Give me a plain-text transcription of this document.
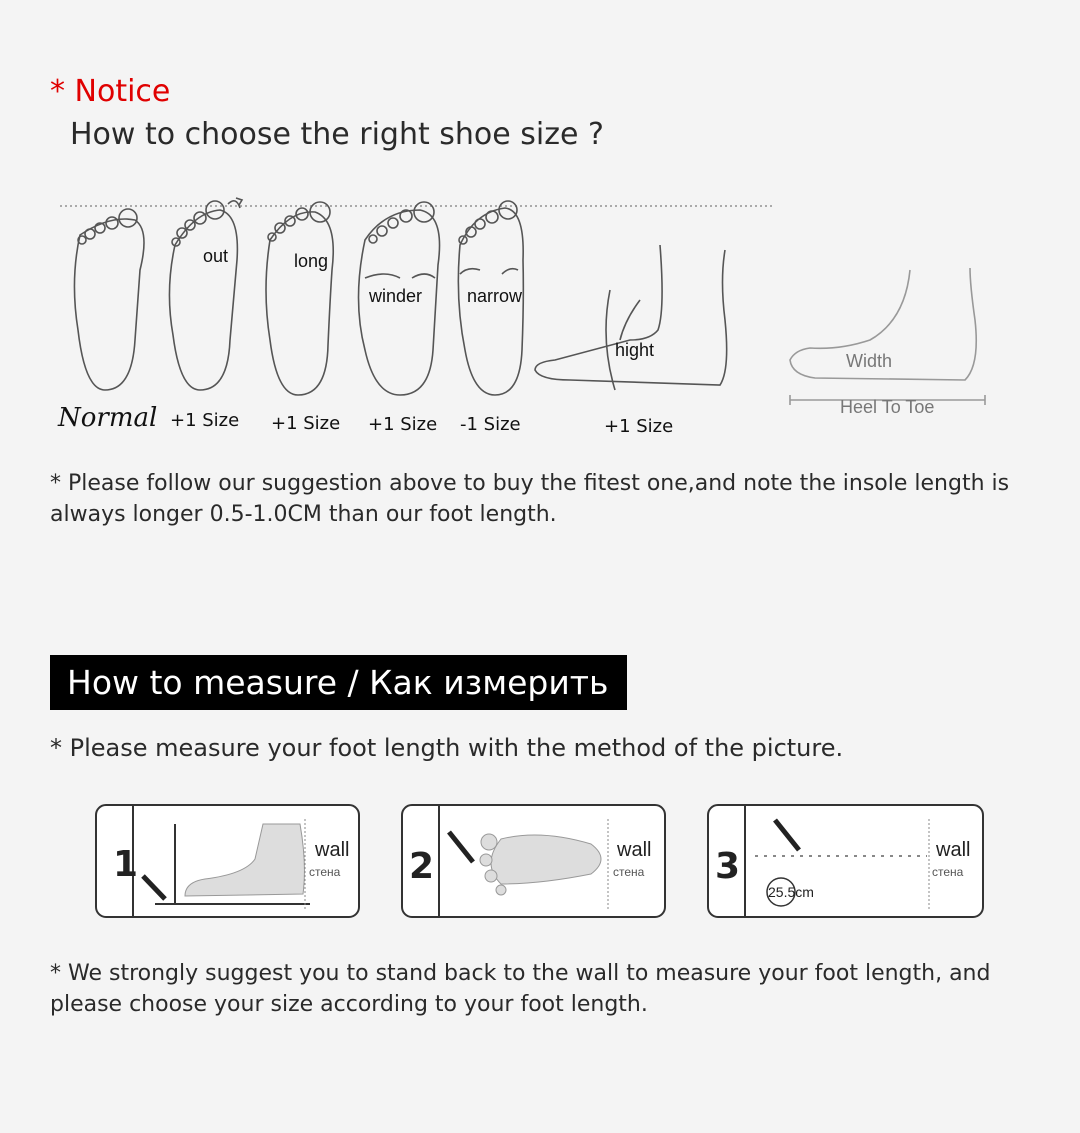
* Notice
How to choose the right shoe size ?
out	long
winder narrow
hight
Normal +1 Size +1 Size +1 Size -1 Size	+1 Size
Width
Heel To Toe
* Please follow our suggestion above to buy the fitest one,and note the insole length is always longer 0.5-1.0CM than our foot length.
How to measure / Как измерить
* Please measure your foot length with the method of the picture.
1	wall
стена 2	wall
стена 3
25.5cm
wall
стена
* We strongly suggest you to stand back to the wall to measure your foot length, and please choose your size according to your foot length.
